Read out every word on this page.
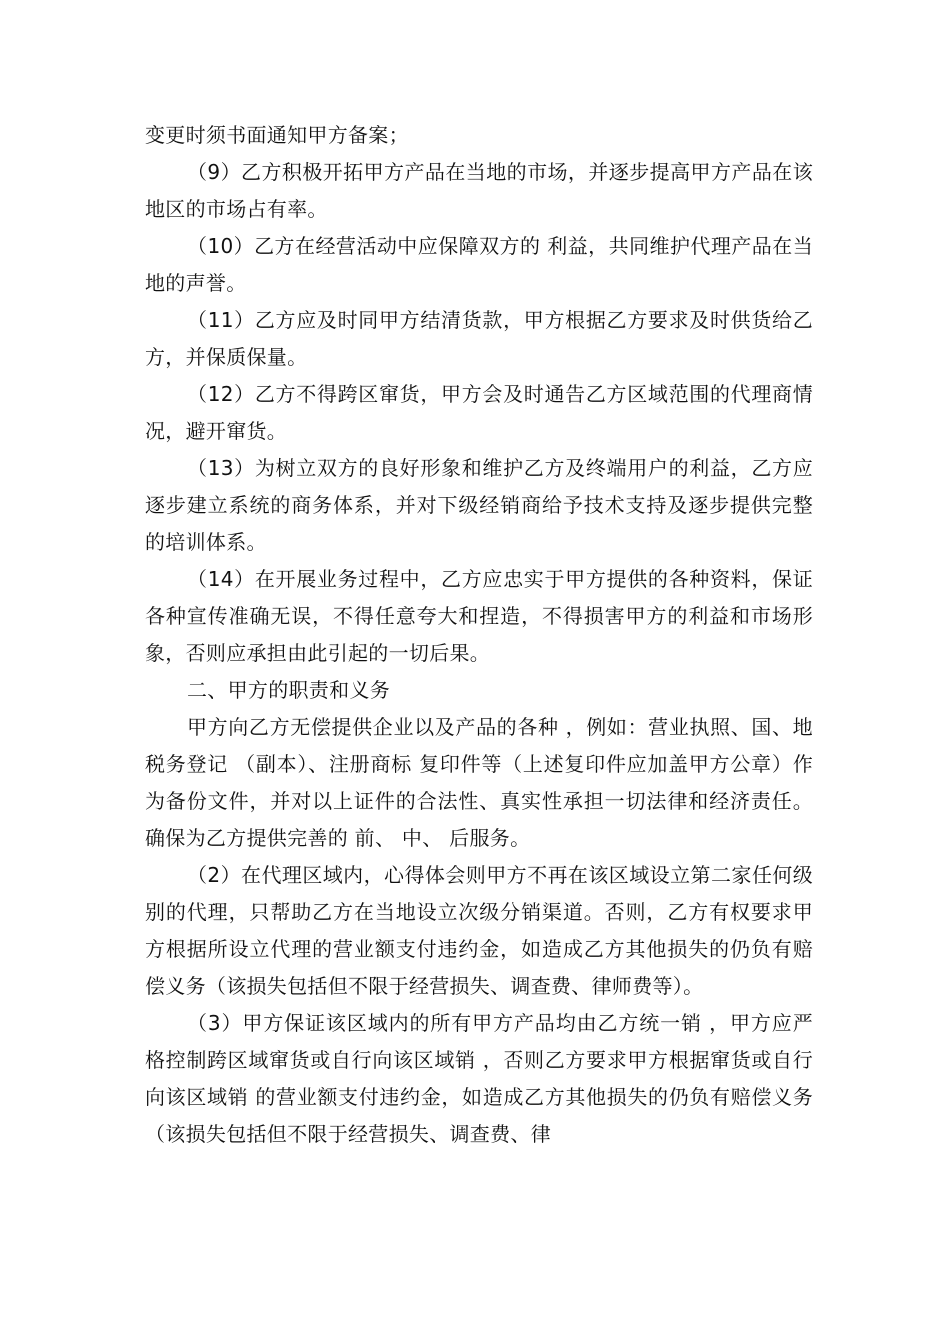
变更时须书面通知甲方备案；

（9）乙方积极开拓甲方产品在当地的市场，并逐步提高甲方产品在该地区的市场占有率。

（10）乙方在经营活动中应保障双方的 利益，共同维护代理产品在当地的声誉。

（11）乙方应及时同甲方结清货款，甲方根据乙方要求及时供货给乙方，并保质保量。

（12）乙方不得跨区窜货，甲方会及时通告乙方区域范围的代理商情况，避开窜货。

（13）为树立双方的良好形象和维护乙方及终端用户的利益，乙方应逐步建立系统的商务体系，并对下级经销商给予技术支持及逐步提供完整的培训体系。

（14）在开展业务过程中，乙方应忠实于甲方提供的各种资料，保证各种宣传准确无误，不得任意夸大和捏造，不得损害甲方的利益和市场形象，否则应承担由此引起的一切后果。

二、甲方的职责和义务

甲方向乙方无偿提供企业以及产品的各种 ，例如：营业执照、国、地税务登记 （副本）、注册商标 复印件等（上述复印件应加盖甲方公章）作为备份文件，并对以上证件的合法性、真实性承担一切法律和经济责任。确保为乙方提供完善的 前、 中、 后服务。

（2）在代理区域内，心得体会则甲方不再在该区域设立第二家任何级别的代理，只帮助乙方在当地设立次级分销渠道。否则，乙方有权要求甲方根据所设立代理的营业额支付违约金，如造成乙方其他损失的仍负有赔偿义务（该损失包括但不限于经营损失、调查费、律师费等）。

（3）甲方保证该区域内的所有甲方产品均由乙方统一销 ，甲方应严格控制跨区域窜货或自行向该区域销 ，否则乙方要求甲方根据窜货或自行向该区域销 的营业额支付违约金，如造成乙方其他损失的仍负有赔偿义务（该损失包括但不限于经营损失、调查费、律
